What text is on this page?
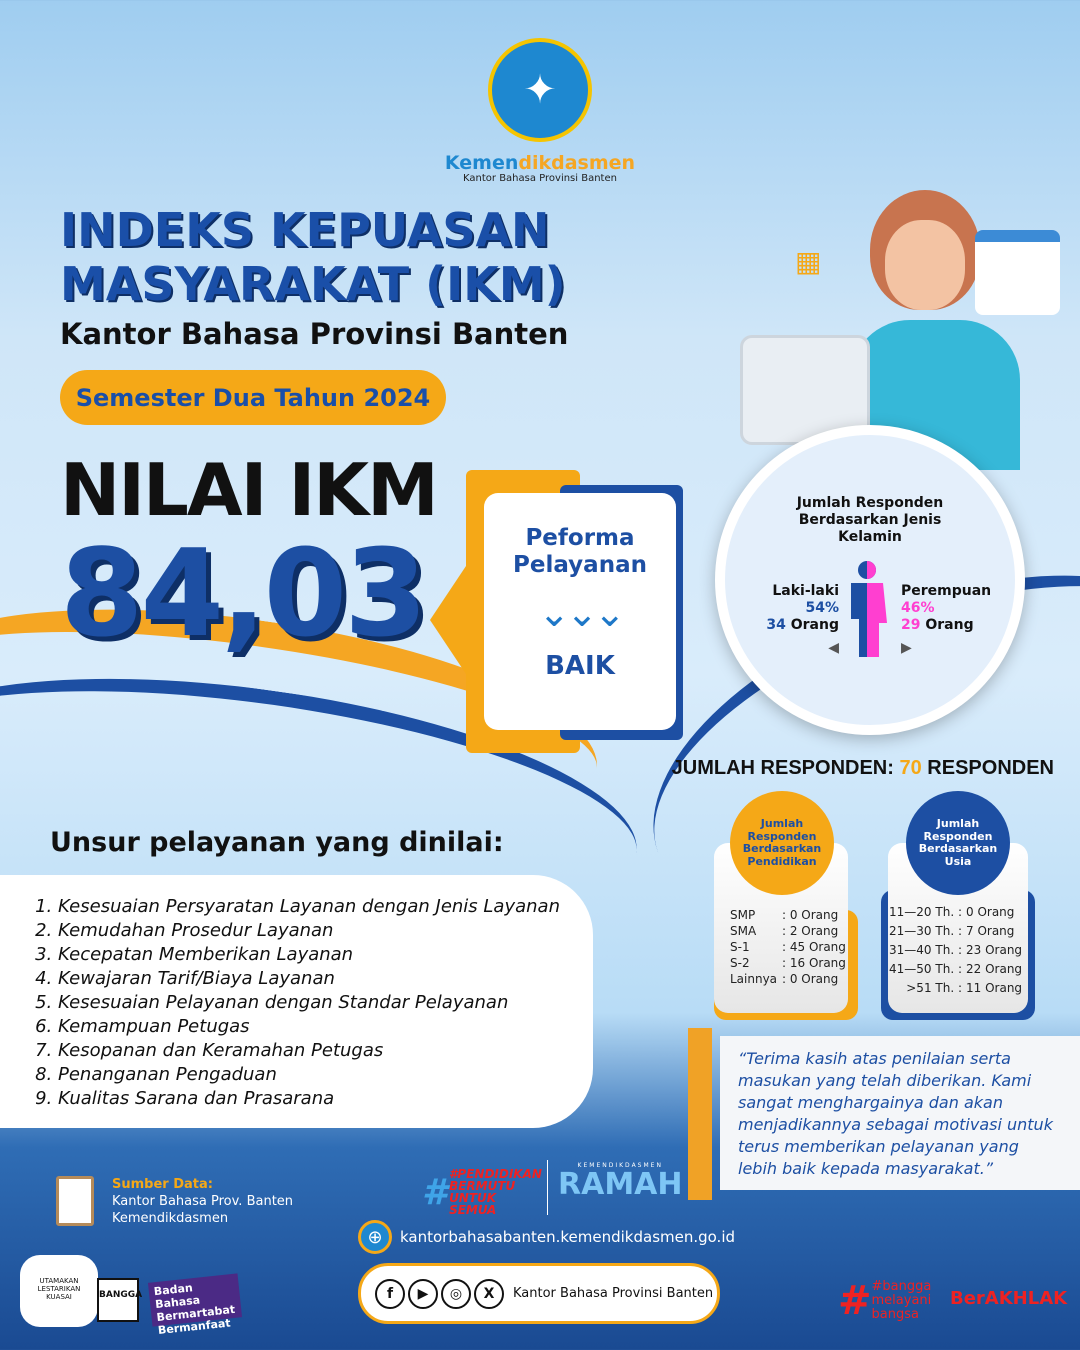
✦
Kemendikdasmen
Kantor Bahasa Provinsi Banten
INDEKS KEPUASAN
MASYARAKAT (IKM)
Kantor Bahasa Provinsi Banten
Semester Dua Tahun 2024
NILAI IKM
84,03	Peforma Pelayanan
⌄⌄⌄
BAIK
▦
Jumlah Responden Berdasarkan Jenis Kelamin
Laki-laki
54%
34 Orang
◀
Perempuan
46%
29 Orang
▶
JUMLAH RESPONDEN: 70 RESPONDEN
SMP	: 0 Orang
SMA	: 2 Orang
S-1	: 45 Orang
S-2	: 16 Orang
Lainnya : 0 Orang
Jumlah Responden Berdasarkan Pendidikan
11—20 Th. : 0 Orang
21—30 Th. : 7 Orang
31—40 Th. : 23 Orang
41—50 Th. : 22 Orang
>51 Th. : 11 Orang
Jumlah Responden Berdasarkan Usia
Unsur pelayanan yang dinilai:
1. Kesesuaian Persyaratan Layanan dengan Jenis Layanan
2. Kemudahan Prosedur Layanan
3. Kecepatan Memberikan Layanan
4. Kewajaran Tarif/Biaya Layanan
5. Kesesuaian Pelayanan dengan Standar Pelayanan
6. Kemampuan Petugas
7. Kesopanan dan Keramahan Petugas
8. Penanganan Pengaduan
9. Kualitas Sarana dan Prasarana
“Terima kasih atas penilaian serta masukan yang telah diberikan. Kami sangat menghargainya dan akan menjadikannya sebagai motivasi untuk terus memberikan pelayanan yang lebih baik kepada masyarakat.”
Sumber Data:
Kantor Bahasa Prov. Banten
Kemendikdasmen
# #PENDIDIKAN BERMUTU UNTUK SEMUA
KEMENDIKDASMEN
RAMAH
⊕	kantorbahasabanten.kemendikdasmen.go.id
f	▶	◎	X	Kantor Bahasa Provinsi Banten
UTAMAKAN LESTARIKAN KUASAI	BANGGA	Badan Bahasa Bermartabat Bermanfaat
# #bangga melayani bangsa
BerAKHLAK
